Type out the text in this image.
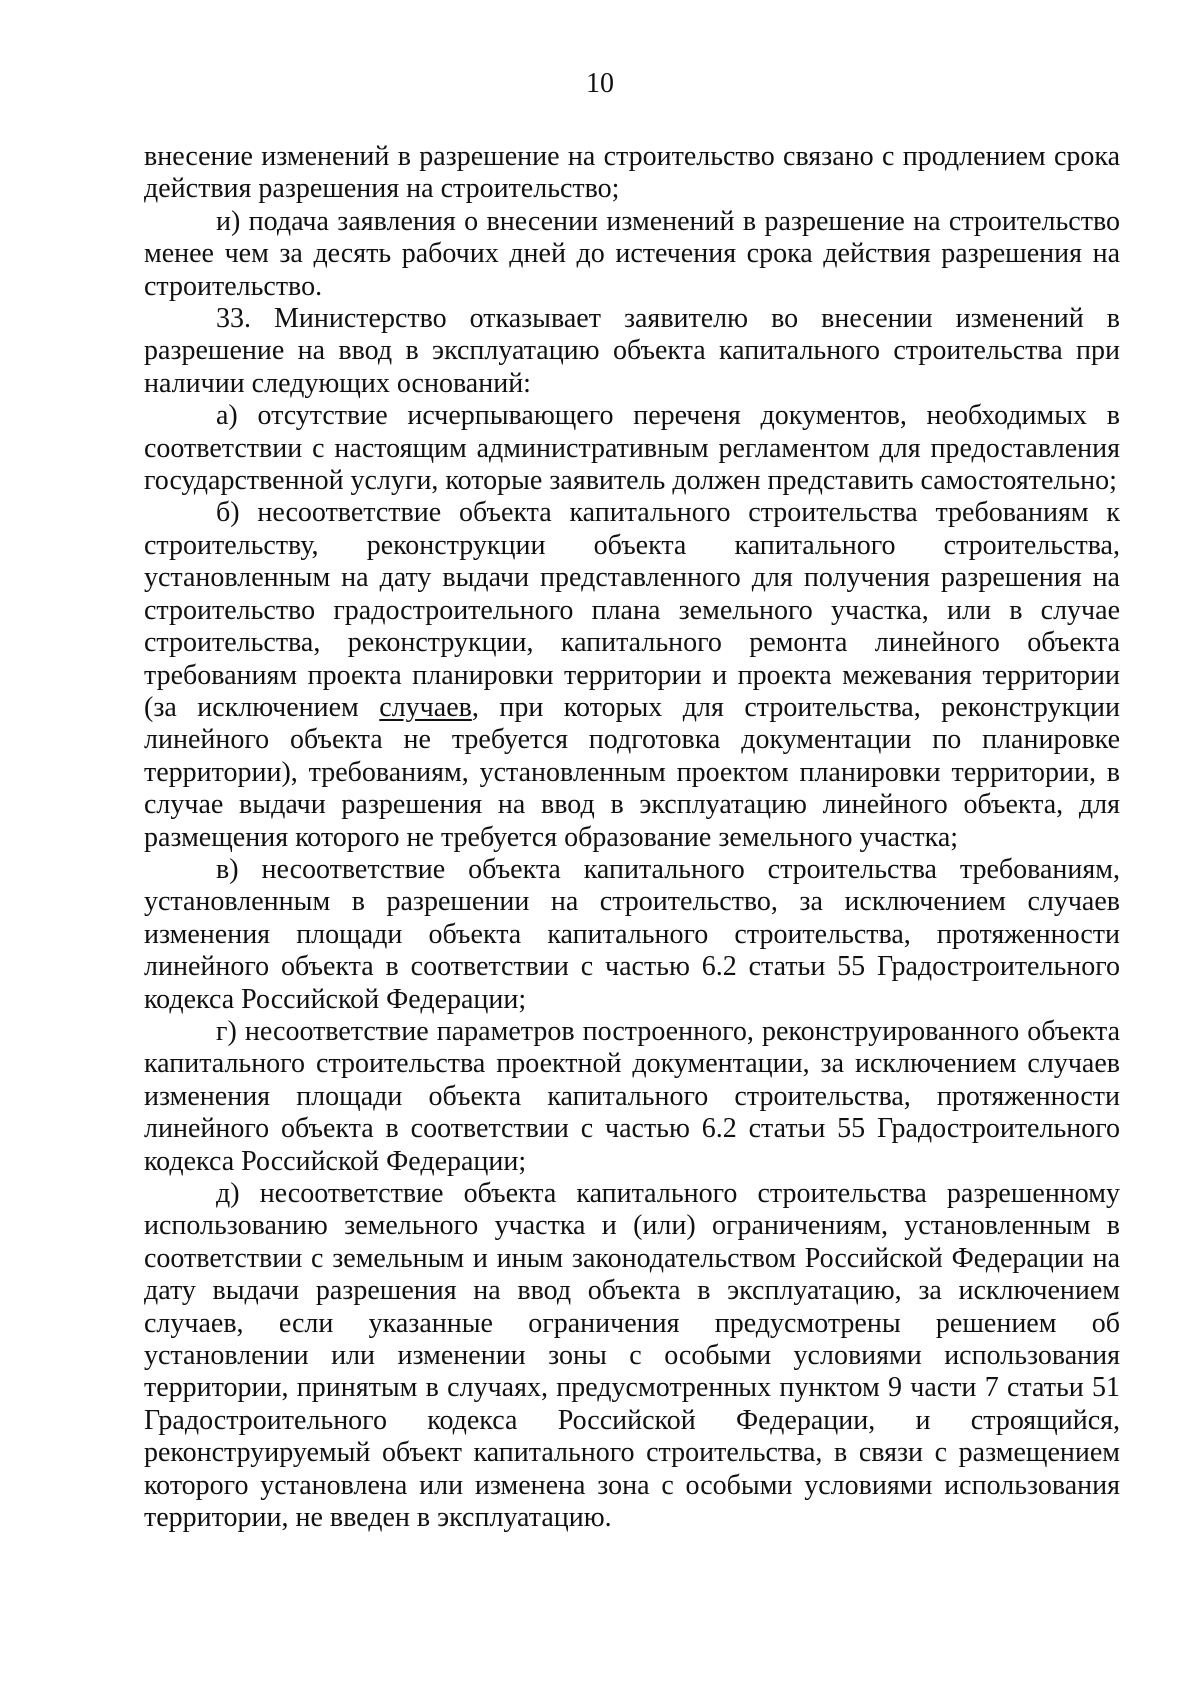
10

внесение изменений в разрешение на строительство связано с продлением срока действия разрешения на строительство;

и) подача заявления о внесении изменений в разрешение на строительство менее чем за десять рабочих дней до истечения срока действия разрешения на строительство.

33. Министерство отказывает заявителю во внесении изменений в разрешение на ввод в эксплуатацию объекта капитального строительства при наличии следующих оснований:

а) отсутствие исчерпывающего переченя документов, необходимых в соответствии с настоящим административным регламентом для предоставления государственной услуги, которые заявитель должен представить самостоятельно;

б) несоответствие объекта капитального строительства требованиям к строительству, реконструкции объекта капитального строительства, установленным на дату выдачи представленного для получения разрешения на строительство градостроительного плана земельного участка, или в случае строительства, реконструкции, капитального ремонта линейного объекта требованиям проекта планировки территории и проекта межевания территории (за исключением случаев, при которых для строительства, реконструкции линейного объекта не требуется подготовка документации по планировке территории), требованиям, установленным проектом планировки территории, в случае выдачи разрешения на ввод в эксплуатацию линейного объекта, для размещения которого не требуется образование земельного участка;

в) несоответствие объекта капитального строительства требованиям, установленным в разрешении на строительство, за исключением случаев изменения площади объекта капитального строительства, протяженности линейного объекта в соответствии с частью 6.2 статьи 55 Градостроительного кодекса Российской Федерации;

г) несоответствие параметров построенного, реконструированного объекта капитального строительства проектной документации, за исключением случаев изменения площади объекта капитального строительства, протяженности линейного объекта в соответствии с частью 6.2 статьи 55 Градостроительного кодекса Российской Федерации;

д) несоответствие объекта капитального строительства разрешенному использованию земельного участка и (или) ограничениям, установленным в соответствии с земельным и иным законодательством Российской Федерации на дату выдачи разрешения на ввод объекта в эксплуатацию, за исключением случаев, если указанные ограничения предусмотрены решением об установлении или изменении зоны с особыми условиями использования территории, принятым в случаях, предусмотренных пунктом 9 части 7 статьи 51 Градостроительного кодекса Российской Федерации, и строящийся, реконструируемый объект капитального строительства, в связи с размещением которого установлена или изменена зона с особыми условиями использования территории, не введен в эксплуатацию.
